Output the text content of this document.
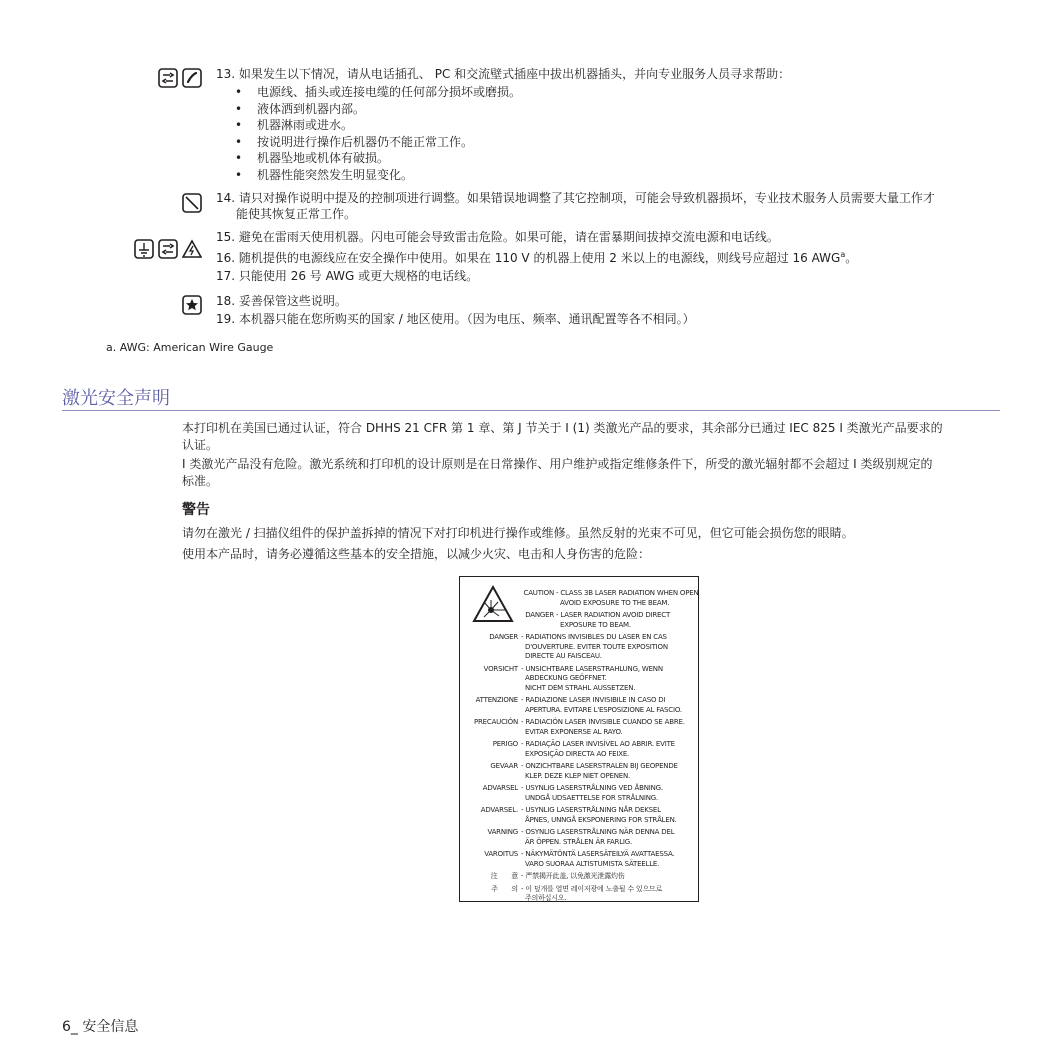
13. 如果发生以下情况，请从电话插孔、 PC 和交流壁式插座中拔出机器插头，并向专业服务人员寻求帮助：
• 电源线、插头或连接电缆的任何部分损坏或磨损。
• 液体洒到机器内部。
• 机器淋雨或进水。
• 按说明进行操作后机器仍不能正常工作。
• 机器坠地或机体有破损。
• 机器性能突然发生明显变化。
14. 请只对操作说明中提及的控制项进行调整。如果错误地调整了其它控制项，可能会导致机器损坏，专业技术服务人员需要大量工作才
能使其恢复正常工作。
15. 避免在雷雨天使用机器。闪电可能会导致雷击危险。如果可能，请在雷暴期间拔掉交流电源和电话线。
16. 随机提供的电源线应在安全操作中使用。如果在 110 V 的机器上使用 2 米以上的电源线，则线号应超过 16 AWG$^a$。
17. 只能使用 26 号 AWG 或更大规格的电话线。
18. 妥善保管这些说明。
19. 本机器只能在您所购买的国家 / 地区使用。（因为电压、频率、通讯配置等各不相同。）
a. AWG: American Wire Gauge
激光安全声明
本打印机在美国已通过认证，符合 DHHS 21 CFR 第 1 章、第 J 节关于 I (1) 类激光产品的要求，其余部分已通过 IEC 825 I 类激光产品要求的
认证。
I 类激光产品没有危险。激光系统和打印机的设计原则是在日常操作、用户维护或指定维修条件下，所受的激光辐射都不会超过 I 类级别规定的
标准。
警告
请勿在激光 / 扫描仪组件的保护盖拆掉的情况下对打印机进行操作或维修。虽然反射的光束不可见，但它可能会损伤您的眼睛。
使用本产品时，请务必遵循这些基本的安全措施，以减少火灾、电击和人身伤害的危险：
CAUTION - CLASS 3B LASER RADIATION WHEN OPEN
AVOID EXPOSURE TO THE BEAM.
DANGER - LASER RADIATION AVOID DIRECT
EXPOSURE TO BEAM.
DANGER - RADIATIONS INVISIBLES DU LASER EN CAS
D'OUVERTURE. EVITER TOUTE EXPOSITION
DIRECTE AU FAISCEAU.
VORSICHT - UNSICHTBARE LASERSTRAHLUNG, WENN
ABDECKUNG GEÖFFNET.
NICHT DEM STRAHL AUSSETZEN.
ATTENZIONE - RADIAZIONE LASER INVISIBILE IN CASO DI
APERTURA. EVITARE L'ESPOSIZIONE AL FASCIO.
PRECAUCIÓN - RADIACIÓN LASER INVISIBLE CUANDO SE ABRE.
EVITAR EXPONERSE AL RAYO.
PERIGO - RADIAÇÃO LASER INVISÍVEL AO ABRIR. EVITE
EXPOSIÇÃO DIRECTA AO FEIXE.
GEVAAR - ONZICHTBARE LASERSTRALEN BIJ GEOPENDE
KLEP. DEZE KLEP NIET OPENEN.
ADVARSEL - USYNLIG LASERSTRÅLNING VED ÅBNING.
UNDGÅ UDSAETTELSE FOR STRÅLNING.
ADVARSEL. - USYNLIG LASERSTRÅLNING NÅR DEKSEL
ÅPNES, UNNGÅ EKSPONERING FOR STRÅLEN.
VARNING - OSYNLIG LASERSTRÅLNING NÄR DENNA DEL
ÄR ÖPPEN. STRÅLEN ÄR FARLIG.
VAROITUS - NÄKYMÄTÖNTÄ LASERSÄTEILYÄ AVATTAESSA.
VARO SUORAA ALTISTUMISTA SÄTEELLE.
注　　意 - 严禁揭开此盖, 以免激光泄露灼伤
주　　의 - 이 덮개를 열면 레이저광에 노출될 수 있으므로
주의하십시오.
6_ 安全信息
